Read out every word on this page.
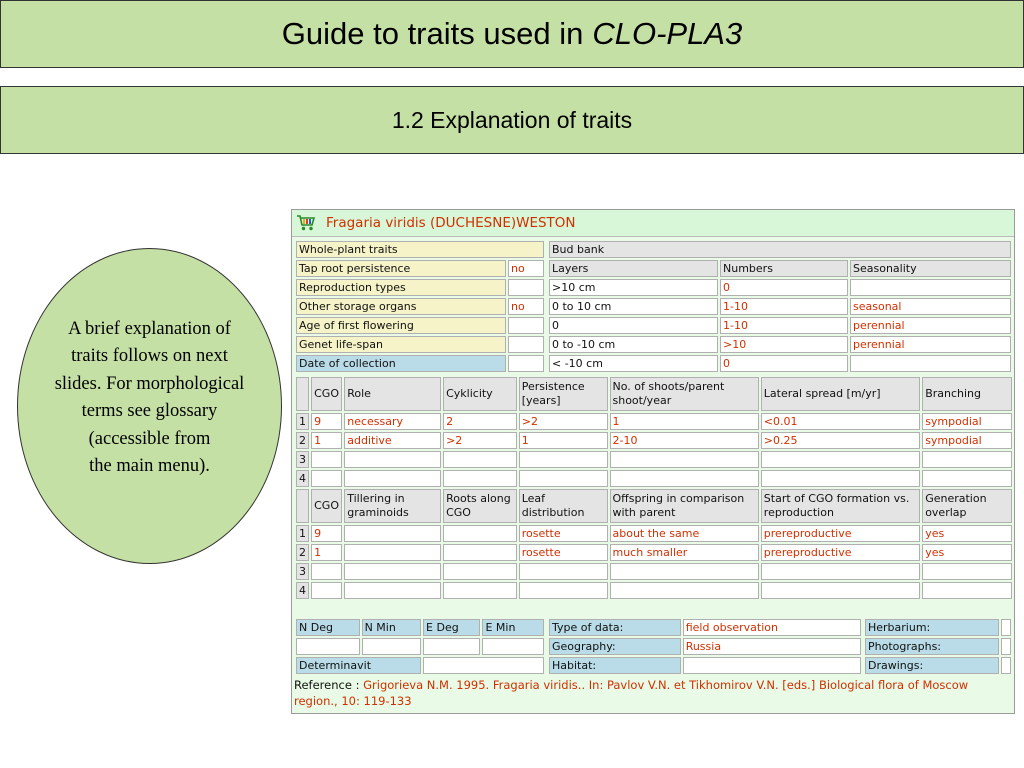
Guide to traits used in CLO-PLA3
1.2 Explanation of traits
A brief explanation of
traits follows on next
slides. For morphological
terms see glossary
(accessible from
the main menu).
Fragaria viridis (DUCHESNE)WESTON
Whole-plant traits	
Tap root persistence	no
Reproduction types	
Other storage organs	no
Age of first flowering	
Genet life-span	
Date of collection	
Bud bank		
Layers	Numbers	Seasonality
>10 cm	0	
0 to 10 cm	1-10	seasonal
0	1-10	perennial
0 to -10 cm	>10	perennial
< -10 cm	0	
	CGO	Role	Cyklicity	Persistence [years]	No. of shoots/parent shoot/year	Lateral spread [m/yr]	Branching
1	9	necessary	2	>2	1	<0.01	sympodial
2	1	additive	>2	1	2-10	>0.25	sympodial
3							
4							
	CGO	Tillering in graminoids	Roots along CGO	Leaf distribution	Offspring in comparison with parent	Start of CGO formation vs. reproduction	Generation overlap
1	9			rosette	about the same	prereproductive	yes
2	1			rosette	much smaller	prereproductive	yes
3							
4							
N Deg	N Min	E Deg	E Min

Determinavit			
Type of data:	field observation
Geography:	Russia
Habitat:	
Herbarium:	
Photographs:	
Drawings:	
Reference : Grigorieva N.M. 1995. Fragaria viridis.. In: Pavlov V.N. et Tikhomirov V.N. [eds.] Biological flora of Moscow region., 10: 119-133
